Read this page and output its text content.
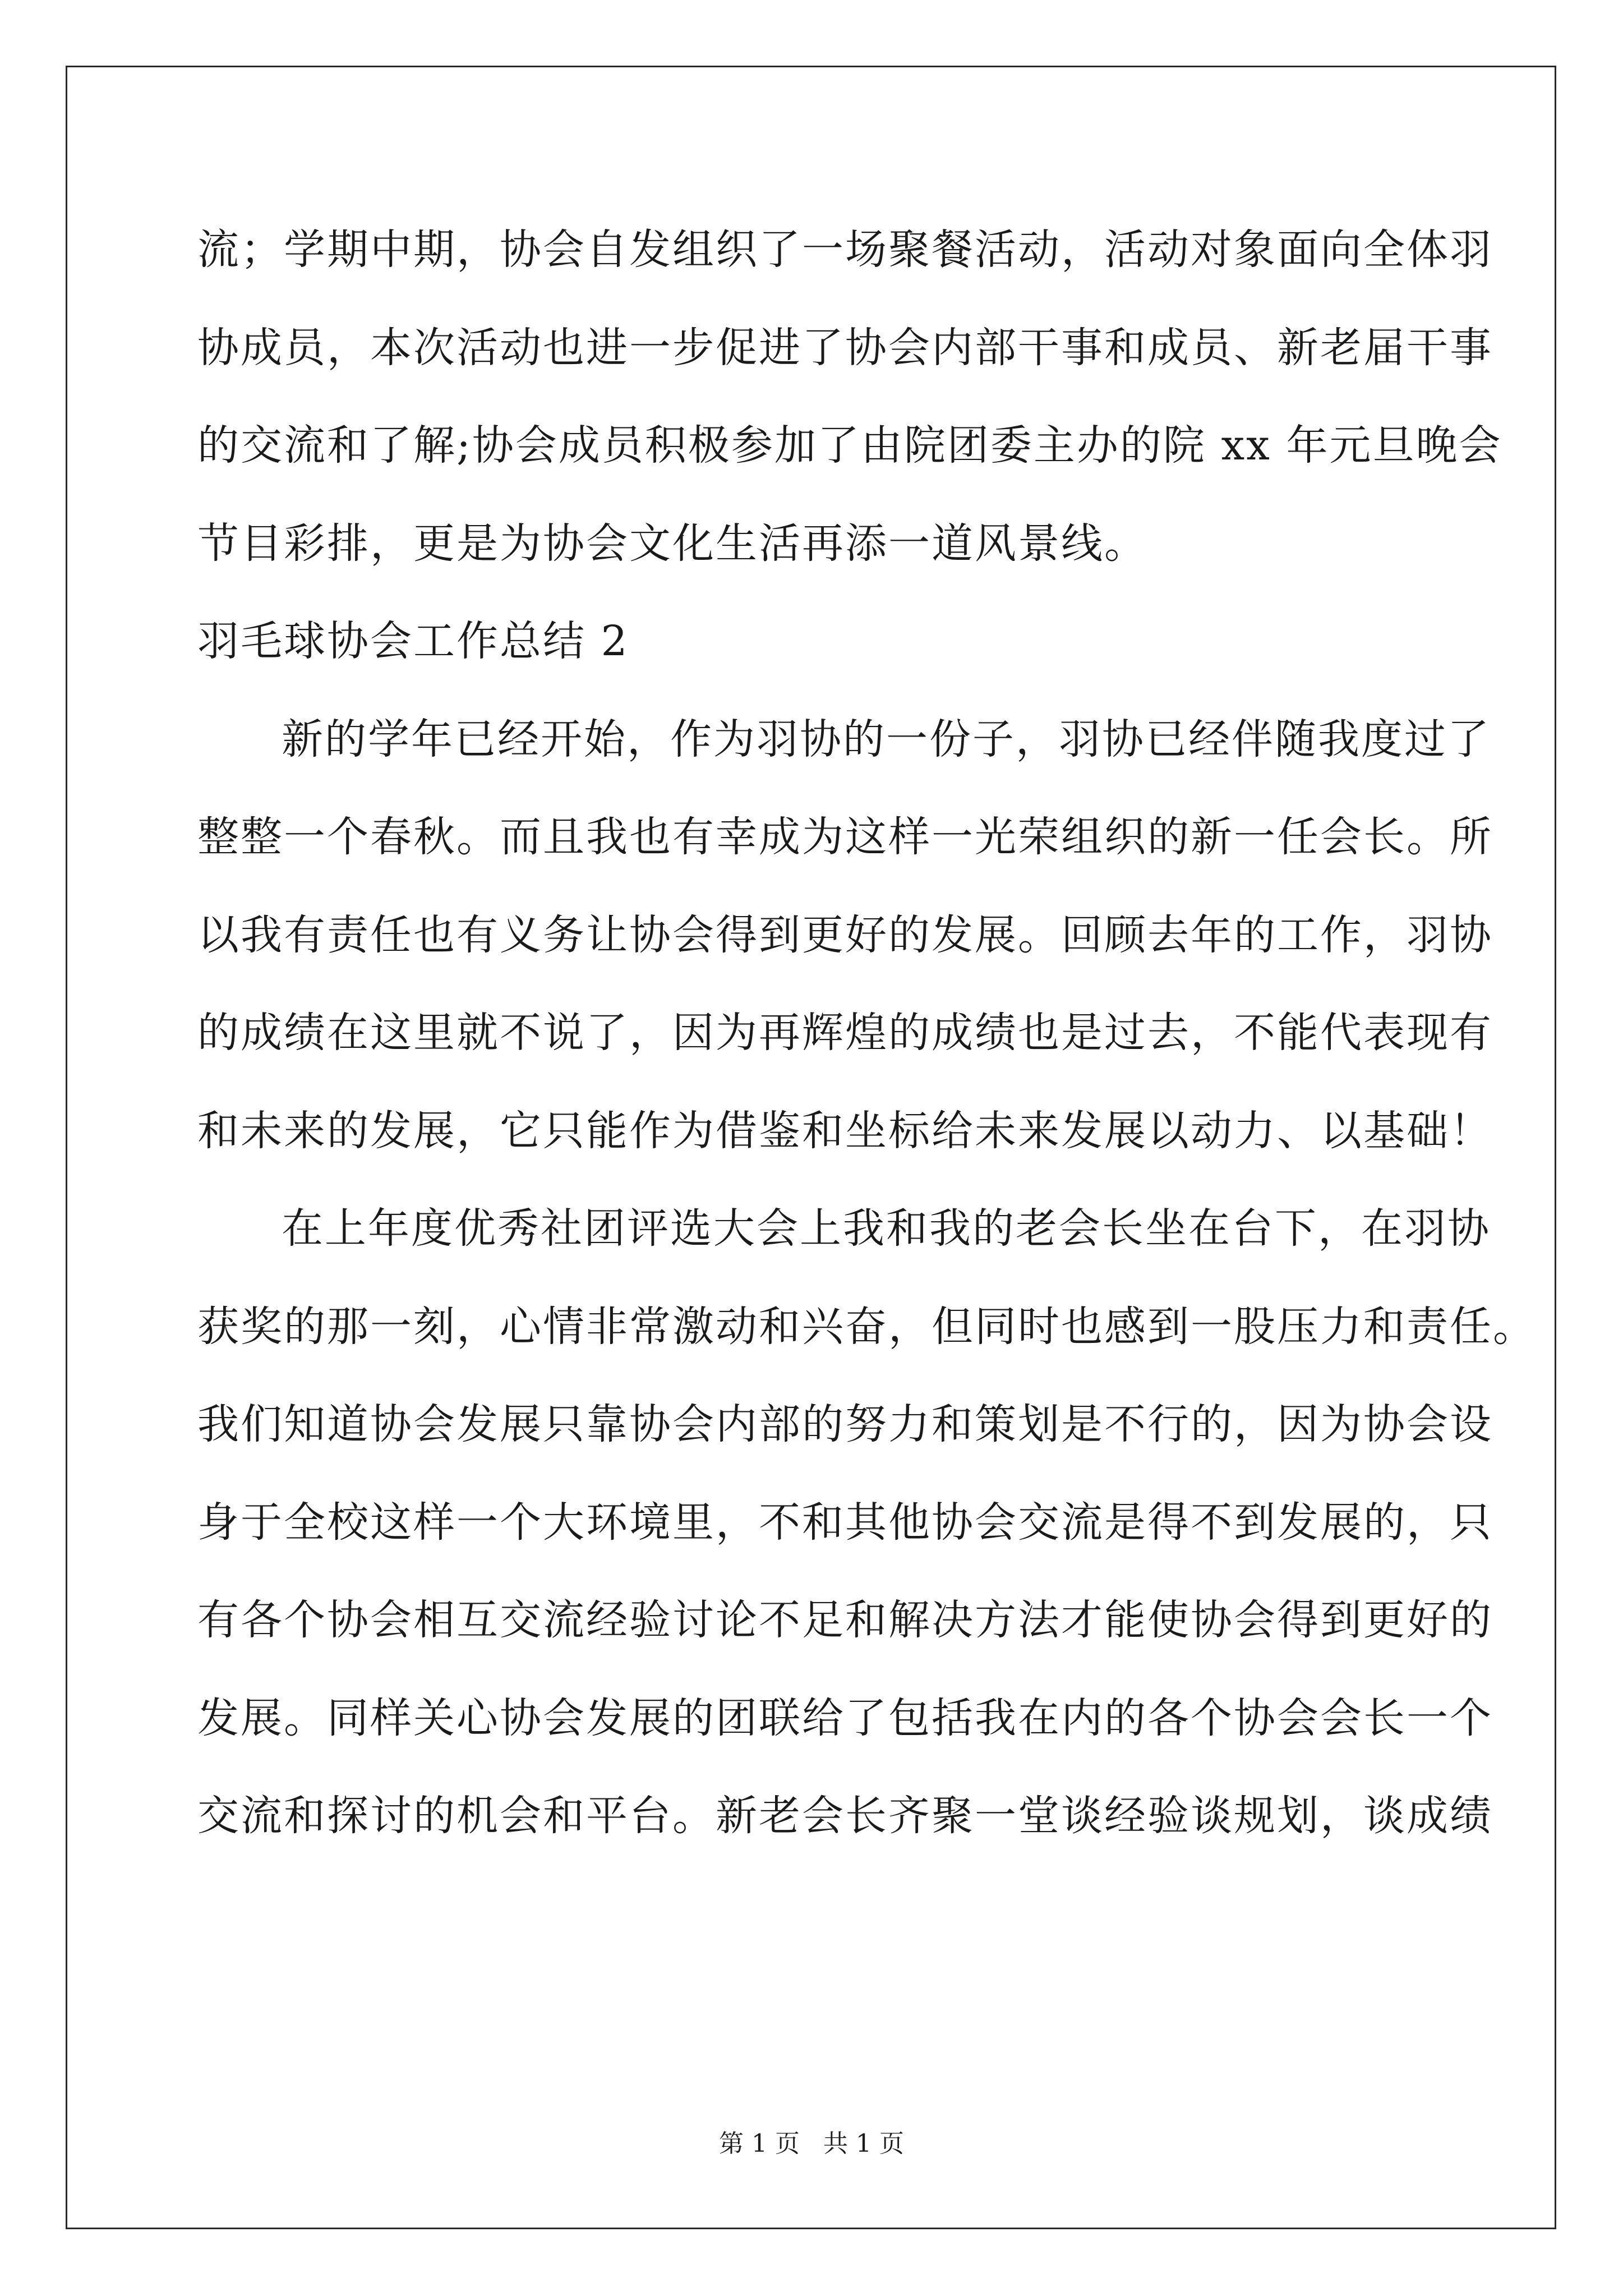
流；学期中期，协会自发组织了一场聚餐活动，活动对象面向全体羽
协成员，本次活动也进一步促进了协会内部干事和成员、新老届干事
的交流和了解;协会成员积极参加了由院团委主办的院 xx 年元旦晚会
节目彩排，更是为协会文化生活再添一道风景线。
羽毛球协会工作总结 2
新的学年已经开始，作为羽协的一份子，羽协已经伴随我度过了
整整一个春秋。而且我也有幸成为这样一光荣组织的新一任会长。所
以我有责任也有义务让协会得到更好的发展。回顾去年的工作，羽协
的成绩在这里就不说了，因为再辉煌的成绩也是过去，不能代表现有
和未来的发展，它只能作为借鉴和坐标给未来发展以动力、以基础！
在上年度优秀社团评选大会上我和我的老会长坐在台下，在羽协
获奖的那一刻，心情非常激动和兴奋，但同时也感到一股压力和责任。
我们知道协会发展只靠协会内部的努力和策划是不行的，因为协会设
身于全校这样一个大环境里，不和其他协会交流是得不到发展的，只
有各个协会相互交流经验讨论不足和解决方法才能使协会得到更好的
发展。同样关心协会发展的团联给了包括我在内的各个协会会长一个
交流和探讨的机会和平台。新老会长齐聚一堂谈经验谈规划，谈成绩
第 1 页 共 1 页
